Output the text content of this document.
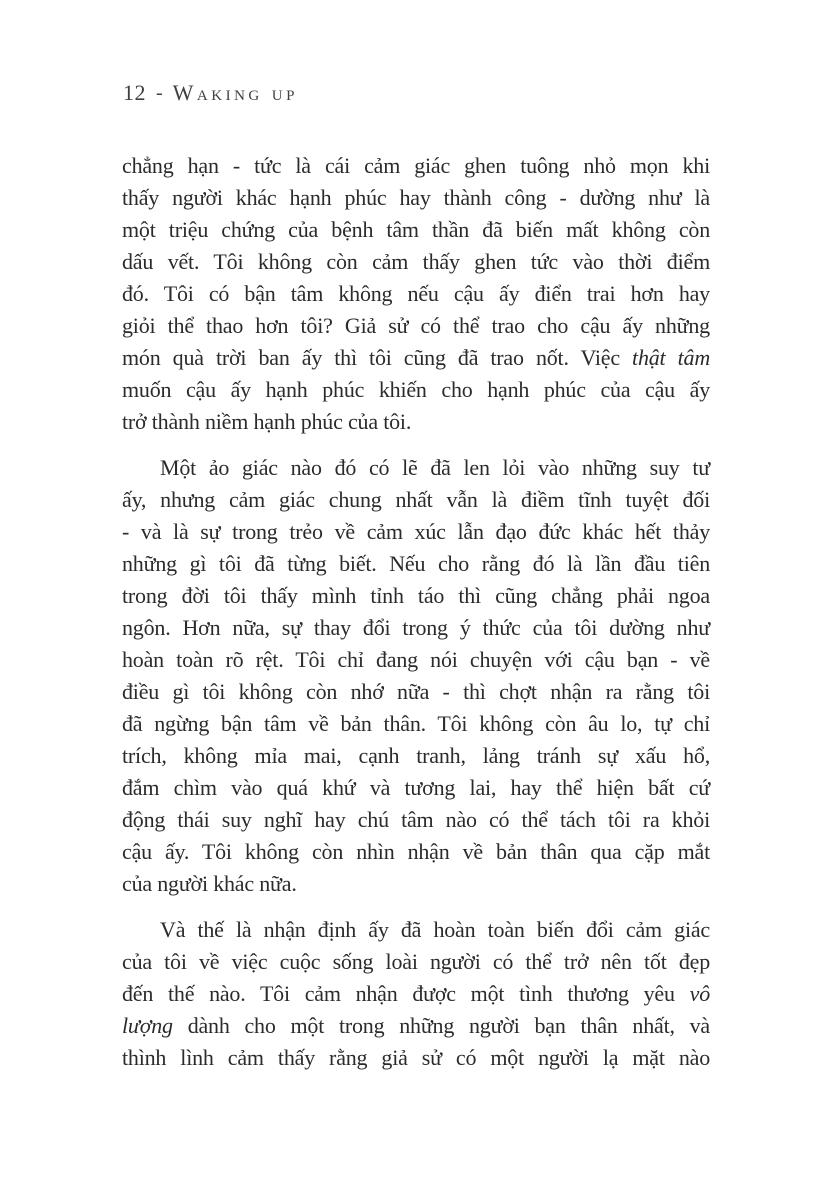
12 - Waking up
chẳng hạn - tức là cái cảm giác ghen tuông nhỏ mọn khi
thấy người khác hạnh phúc hay thành công - dường như là
một triệu chứng của bệnh tâm thần đã biến mất không còn
dấu vết. Tôi không còn cảm thấy ghen tức vào thời điểm
đó. Tôi có bận tâm không nếu cậu ấy điển trai hơn hay
giỏi thể thao hơn tôi? Giả sử có thể trao cho cậu ấy những
món quà trời ban ấy thì tôi cũng đã trao nốt. Việc thật tâm
muốn cậu ấy hạnh phúc khiến cho hạnh phúc của cậu ấy
trở thành niềm hạnh phúc của tôi.
Một ảo giác nào đó có lẽ đã len lỏi vào những suy tư
ấy, nhưng cảm giác chung nhất vẫn là điềm tĩnh tuyệt đối
- và là sự trong trẻo về cảm xúc lẫn đạo đức khác hết thảy
những gì tôi đã từng biết. Nếu cho rằng đó là lần đầu tiên
trong đời tôi thấy mình tỉnh táo thì cũng chẳng phải ngoa
ngôn. Hơn nữa, sự thay đổi trong ý thức của tôi dường như
hoàn toàn rõ rệt. Tôi chỉ đang nói chuyện với cậu bạn - về
điều gì tôi không còn nhớ nữa - thì chợt nhận ra rằng tôi
đã ngừng bận tâm về bản thân. Tôi không còn âu lo, tự chỉ
trích, không mỉa mai, cạnh tranh, lảng tránh sự xấu hổ,
đắm chìm vào quá khứ và tương lai, hay thể hiện bất cứ
động thái suy nghĩ hay chú tâm nào có thể tách tôi ra khỏi
cậu ấy. Tôi không còn nhìn nhận về bản thân qua cặp mắt
của người khác nữa.
Và thế là nhận định ấy đã hoàn toàn biến đổi cảm giác
của tôi về việc cuộc sống loài người có thể trở nên tốt đẹp
đến thế nào. Tôi cảm nhận được một tình thương yêu vô
lượng dành cho một trong những người bạn thân nhất, và
thình lình cảm thấy rằng giả sử có một người lạ mặt nào
